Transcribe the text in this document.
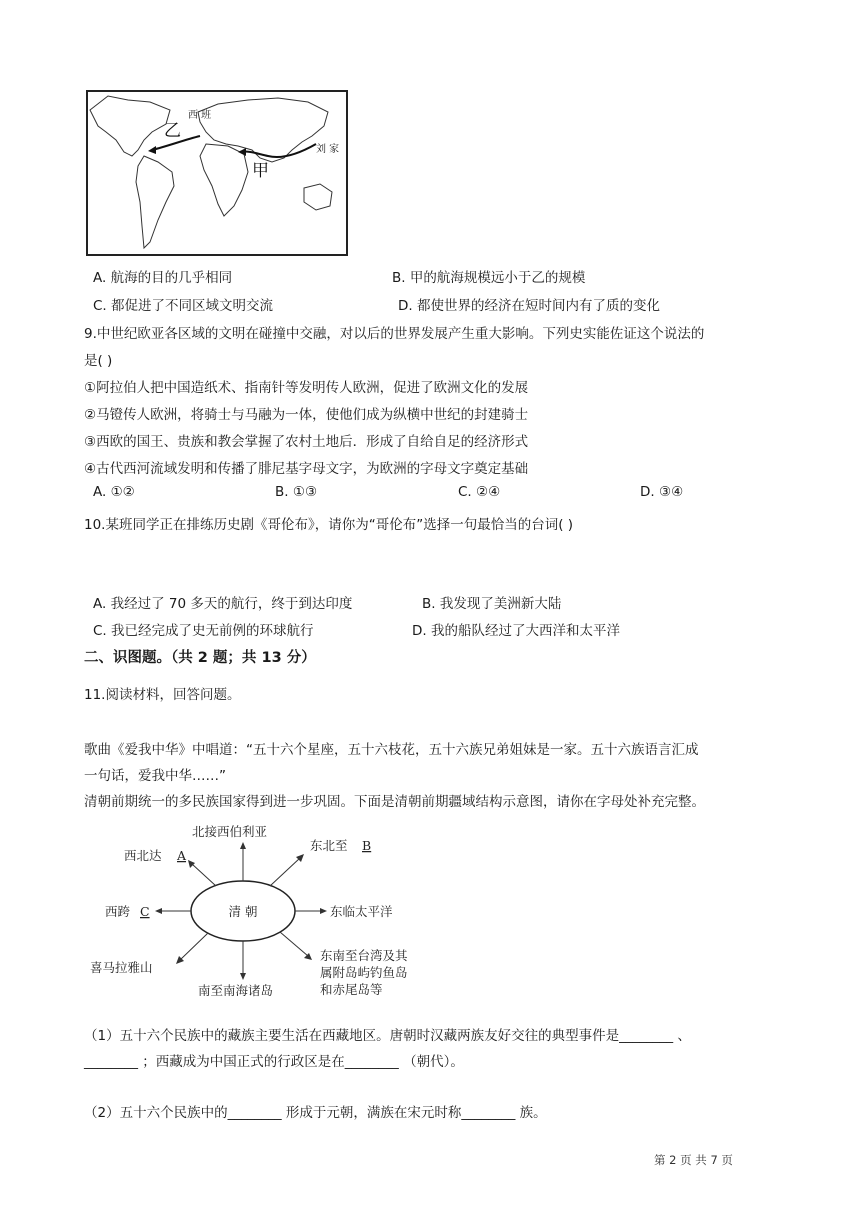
西 班
乙
甲
刘 家
A. 航海的目的几乎相同	B. 甲的航海规模远小于乙的规模
C. 都促进了不同区域文明交流	D. 都使世界的经济在短时间内有了质的变化
9.中世纪欧亚各区域的文明在碰撞中交融，对以后的世界发展产生重大影响。下列史实能佐证这个说法的
是( )
①阿拉伯人把中国造纸术、指南针等发明传人欧洲，促进了欧洲文化的发展
②马镫传人欧洲，将骑士与马融为一体，使他们成为纵横中世纪的封建骑士
③西欧的国王、贵族和教会掌握了农村土地后．形成了自给自足的经济形式
④古代西河流域发明和传播了腓尼基字母文字，为欧洲的字母文字奠定基础
A. ①②	B. ①③	C. ②④	D. ③④
10.某班同学正在排练历史剧《哥伦布》，请你为“哥伦布”选择一句最恰当的台词( )
A. 我经过了 70 多天的航行，终于到达印度	B. 我发现了美洲新大陆
C. 我已经完成了史无前例的环球航行	D. 我的船队经过了大西洋和太平洋
二、识图题。（共 2 题；共 13 分）
11.阅读材料，回答问题。
歌曲《爱我中华》中唱道：“五十六个星座，五十六枝花，五十六族兄弟姐妹是一家。五十六族语言汇成
一句话，爱我中华……”
清朝前期统一的多民族国家得到进一步巩固。下面是清朝前期疆域结构示意图，请你在字母处补充完整。
清 朝
北接西伯利亚
西北达 A
东北至 B
西跨 C	东临太平洋
喜马拉雅山
南至南海诸岛
东南至台湾及其
属附岛屿钓鱼岛
和赤尾岛等
（1）五十六个民族中的藏族主要生活在西藏地区。唐朝时汉藏两族友好交往的典型事件是________ 、
________ ；西藏成为中国正式的行政区是在________ （朝代）。
（2）五十六个民族中的________ 形成于元朝，满族在宋元时称________ 族。
第 2 页 共 7 页
